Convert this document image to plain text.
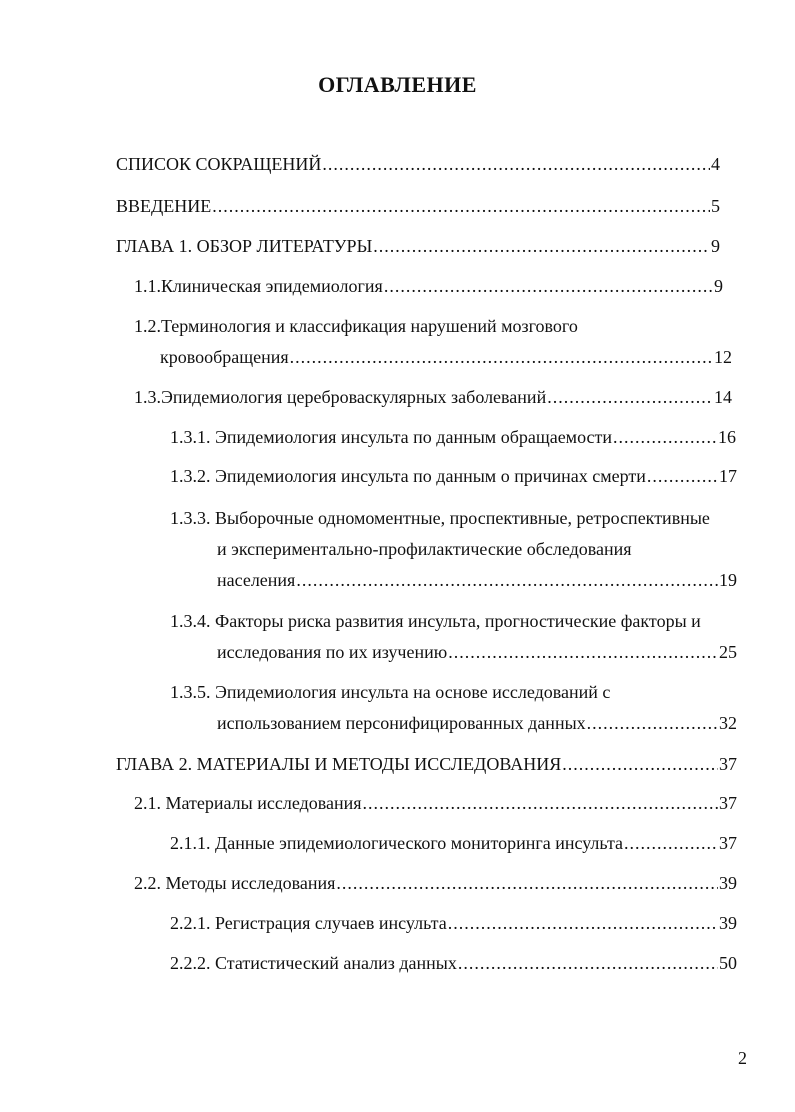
ОГЛАВЛЕНИЕ
СПИСОК СОКРАЩЕНИЙ .....	4
ВВЕДЕНИЕ .....	5
ГЛАВА 1. ОБЗОР ЛИТЕРАТУРЫ .....	9
1.1.Клиническая эпидемиология .....	9
1.2.Терминология и классификация нарушений мозгового
кровообращения .....	12
1.3.Эпидемиология цереброваскулярных заболеваний .....	14
1.3.1. Эпидемиология инсульта по данным обращаемости .....	16
1.3.2. Эпидемиология инсульта по данным о причинах смерти .....	17
1.3.3. Выборочные одномоментные, проспективные, ретроспективные
и экспериментально-профилактические обследования
населения .....	19
1.3.4. Факторы риска развития инсульта, прогностические факторы и
исследования по их изучению .....	25
1.3.5. Эпидемиология инсульта на основе исследований с
использованием персонифицированных данных .....	32
ГЛАВА 2. МАТЕРИАЛЫ И МЕТОДЫ ИССЛЕДОВАНИЯ .....	37
2.1. Материалы исследования .....	37
2.1.1. Данные эпидемиологического мониторинга инсульта .....	37
2.2. Методы исследования .....	39
2.2.1. Регистрация случаев инсульта .....	39
2.2.2. Статистический анализ данных .....	50
2
